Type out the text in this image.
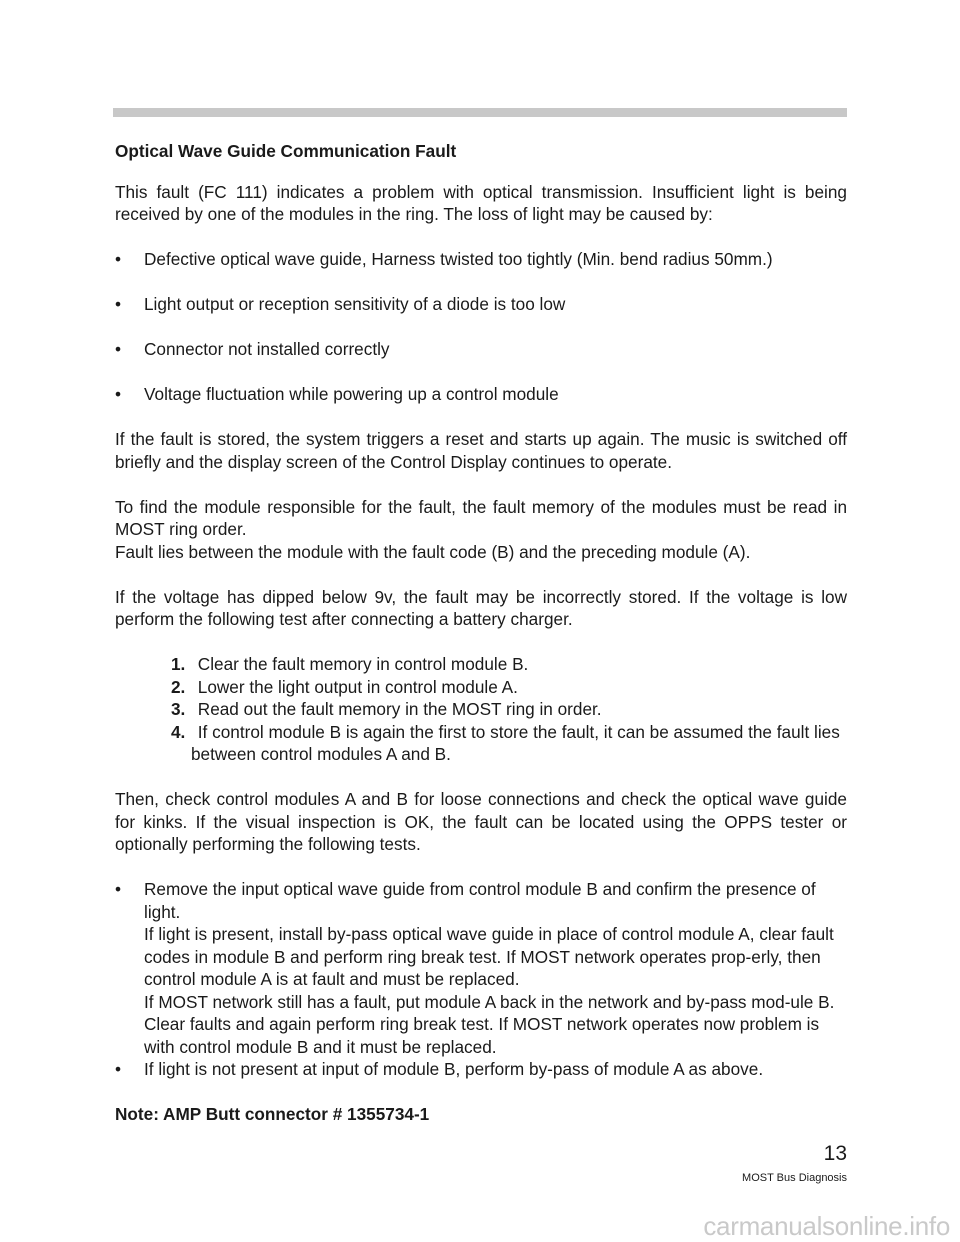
Optical Wave Guide Communication Fault

This fault (FC 111) indicates a problem with optical transmission. Insufficient light is being received by one of the modules in the ring. The loss of light may be caused by:

• Defective optical wave guide, Harness twisted too tightly (Min. bend radius 50mm.)
• Light output or reception sensitivity of a diode is too low
• Connector not installed correctly
• Voltage fluctuation while powering up a control module

If the fault is stored, the system triggers a reset and starts up again. The music is switched off briefly and the display screen of the Control Display continues to operate.

To find the module responsible for the fault, the fault memory of the modules must be read in MOST ring order.
Fault lies between the module with the fault code (B) and the preceding module (A).

If the voltage has dipped below 9v, the fault may be incorrectly stored. If the voltage is low perform the following test after connecting a battery charger.

1. Clear the fault memory in control module B.
2. Lower the light output in control module A.
3. Read out the fault memory in the MOST ring in order.
4. If control module B is again the first to store the fault, it can be assumed the fault lies
between control modules A and B.

Then, check control modules A and B for loose connections and check the optical wave guide for kinks. If the visual inspection is OK, the fault can be located using the OPPS tester or optionally performing the following tests.

• Remove the input optical wave guide from control module B and confirm the presence of light.
If light is present, install by-pass optical wave guide in place of control module A, clear fault codes in module B and perform ring break test. If MOST network operates prop-erly, then control module A is at fault and must be replaced.
If MOST network still has a fault, put module A back in the network and by-pass mod-ule B. Clear faults and again perform ring break test. If MOST network operates now problem is with control module B and it must be replaced.
• If light is not present at input of module B, perform by-pass of module A as above.
Note: AMP Butt connector # 1355734-1
13
MOST Bus Diagnosis
carmanualsonline.info
